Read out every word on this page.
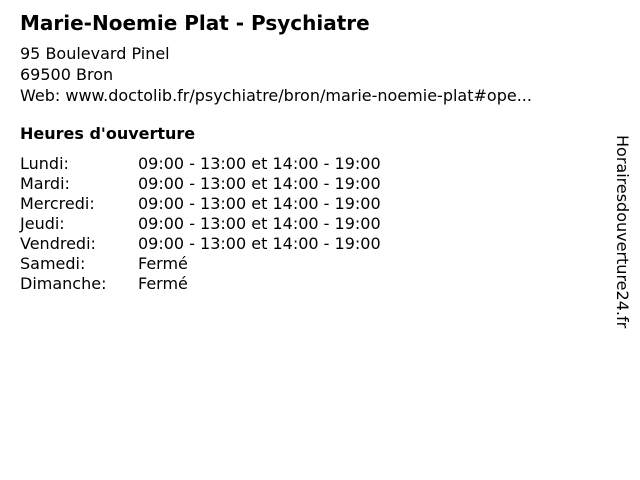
Marie-Noemie Plat - Psychiatre
95 Boulevard Pinel
69500 Bron
Web: www.doctolib.fr/psychiatre/bron/marie-noemie-plat#ope...
Heures d'ouverture
Lundi:	09:00 - 13:00 et 14:00 - 19:00
Mardi:	09:00 - 13:00 et 14:00 - 19:00
Mercredi:	09:00 - 13:00 et 14:00 - 19:00
Jeudi:	09:00 - 13:00 et 14:00 - 19:00
Vendredi:	09:00 - 13:00 et 14:00 - 19:00
Samedi:	Fermé
Dimanche: Fermé	Horairesdouverture24.fr
